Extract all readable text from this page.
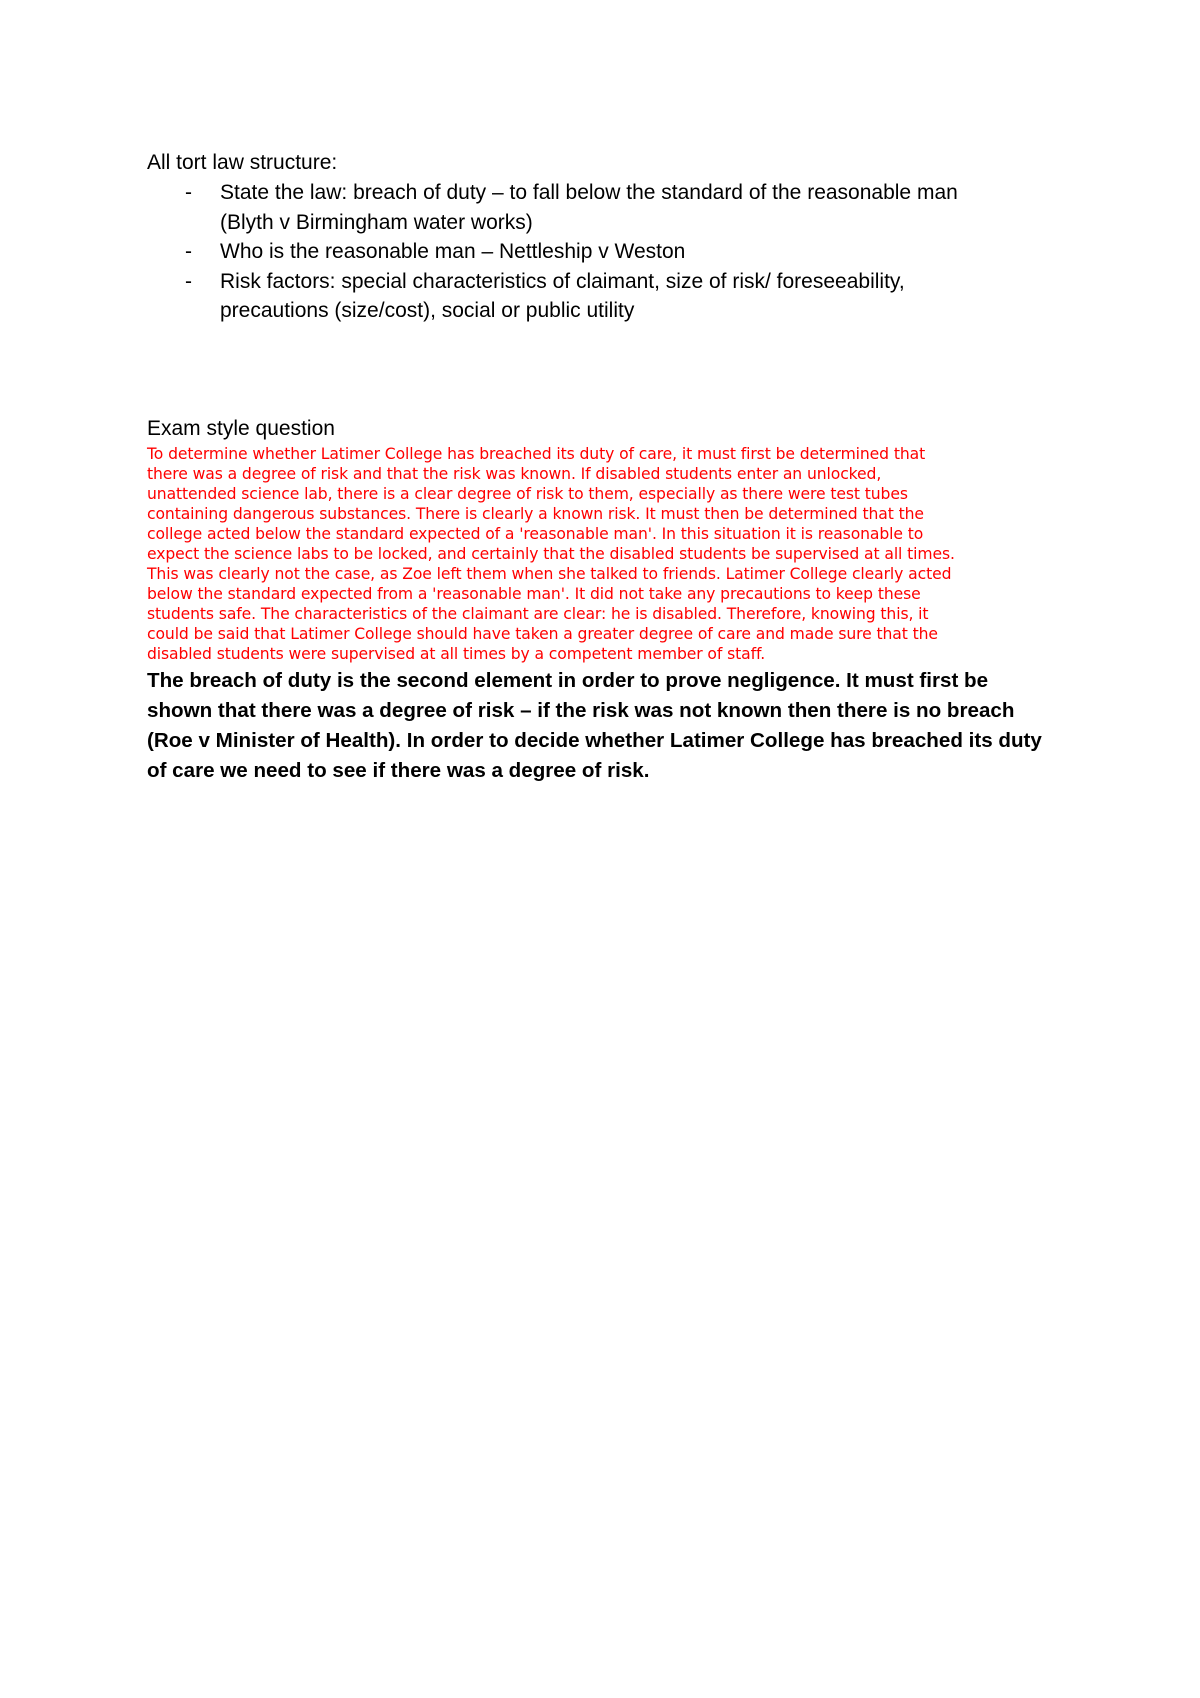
All tort law structure:

- State the law: breach of duty – to fall below the standard of the reasonable man
(Blyth v Birmingham water works)
- Who is the reasonable man – Nettleship v Weston
- Risk factors: special characteristics of claimant, size of risk/ foreseeability,
precautions (size/cost), social or public utility

Exam style question

To determine whether Latimer College has breached its duty of care, it must first be determined that
there was a degree of risk and that the risk was known. If disabled students enter an unlocked,
unattended science lab, there is a clear degree of risk to them, especially as there were test tubes
containing dangerous substances. There is clearly a known risk. It must then be determined that the
college acted below the standard expected of a 'reasonable man'. In this situation it is reasonable to
expect the science labs to be locked, and certainly that the disabled students be supervised at all times.
This was clearly not the case, as Zoe left them when she talked to friends. Latimer College clearly acted
below the standard expected from a 'reasonable man'. It did not take any precautions to keep these
students safe. The characteristics of the claimant are clear: he is disabled. Therefore, knowing this, it
could be said that Latimer College should have taken a greater degree of care and made sure that the
disabled students were supervised at all times by a competent member of staff.
The breach of duty is the second element in order to prove negligence. It must first be
shown that there was a degree of risk – if the risk was not known then there is no breach
(Roe v Minister of Health). In order to decide whether Latimer College has breached its duty
of care we need to see if there was a degree of risk.
